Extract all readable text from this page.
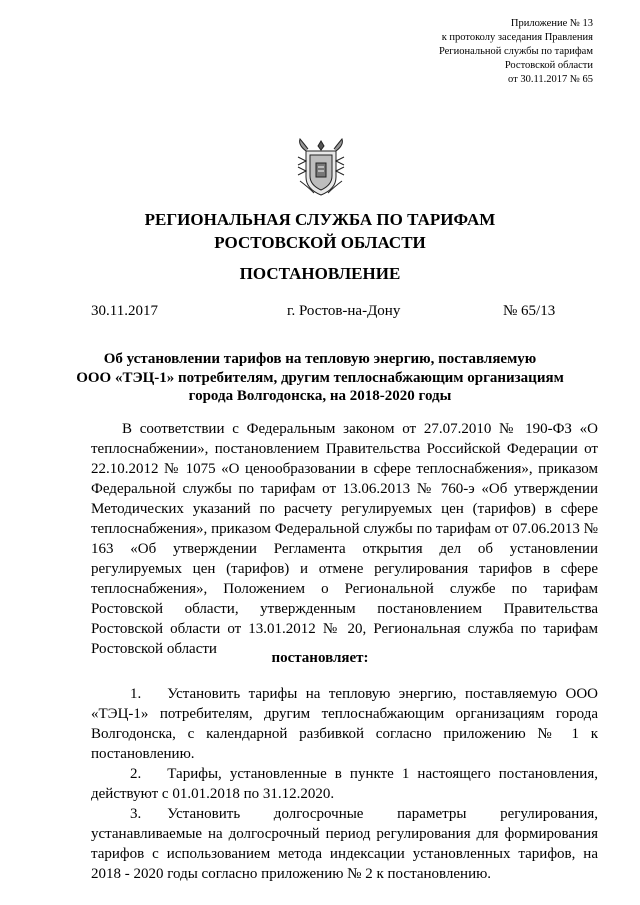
Приложение № 13
к протоколу заседания Правления
Региональной службы по тарифам
Ростовской области
от 30.11.2017 № 65
РЕГИОНАЛЬНАЯ СЛУЖБА ПО ТАРИФАМ
РОСТОВСКОЙ ОБЛАСТИ
ПОСТАНОВЛЕНИЕ
30.11.2017	г. Ростов-на-Дону	№ 65/13
Об установлении тарифов на тепловую энергию, поставляемую
ООО «ТЭЦ-1» потребителям, другим теплоснабжающим организациям
города Волгодонска, на 2018-2020 годы
В соответствии с Федеральным законом от 27.07.2010 № 190-ФЗ «О теплоснабжении», постановлением Правительства Российской Федерации от 22.10.2012 № 1075 «О ценообразовании в сфере теплоснабжения», приказом Федеральной службы по тарифам от 13.06.2013 № 760-э «Об утверждении Методических указаний по расчету регулируемых цен (тарифов) в сфере теплоснабжения», приказом Федеральной службы по тарифам от 07.06.2013 № 163 «Об утверждении Регламента открытия дел об установлении регулируемых цен (тарифов) и отмене регулирования тарифов в сфере теплоснабжения», Положением о Региональной службе по тарифам Ростовской области, утвержденным постановлением Правительства Ростовской области от 13.01.2012 № 20, Региональная служба по тарифам Ростовской области
постановляет:
1. Установить тарифы на тепловую энергию, поставляемую ООО «ТЭЦ-1» потребителям, другим теплоснабжающим организациям города Волгодонска, с календарной разбивкой согласно приложению № 1 к постановлению.
2. Тарифы, установленные в пункте 1 настоящего постановления, действуют с 01.01.2018 по 31.12.2020.
3. Установить долгосрочные параметры регулирования, устанавливаемые на долгосрочный период регулирования для формирования тарифов с использованием метода индексации установленных тарифов, на 2018 - 2020 годы согласно приложению № 2 к постановлению.
